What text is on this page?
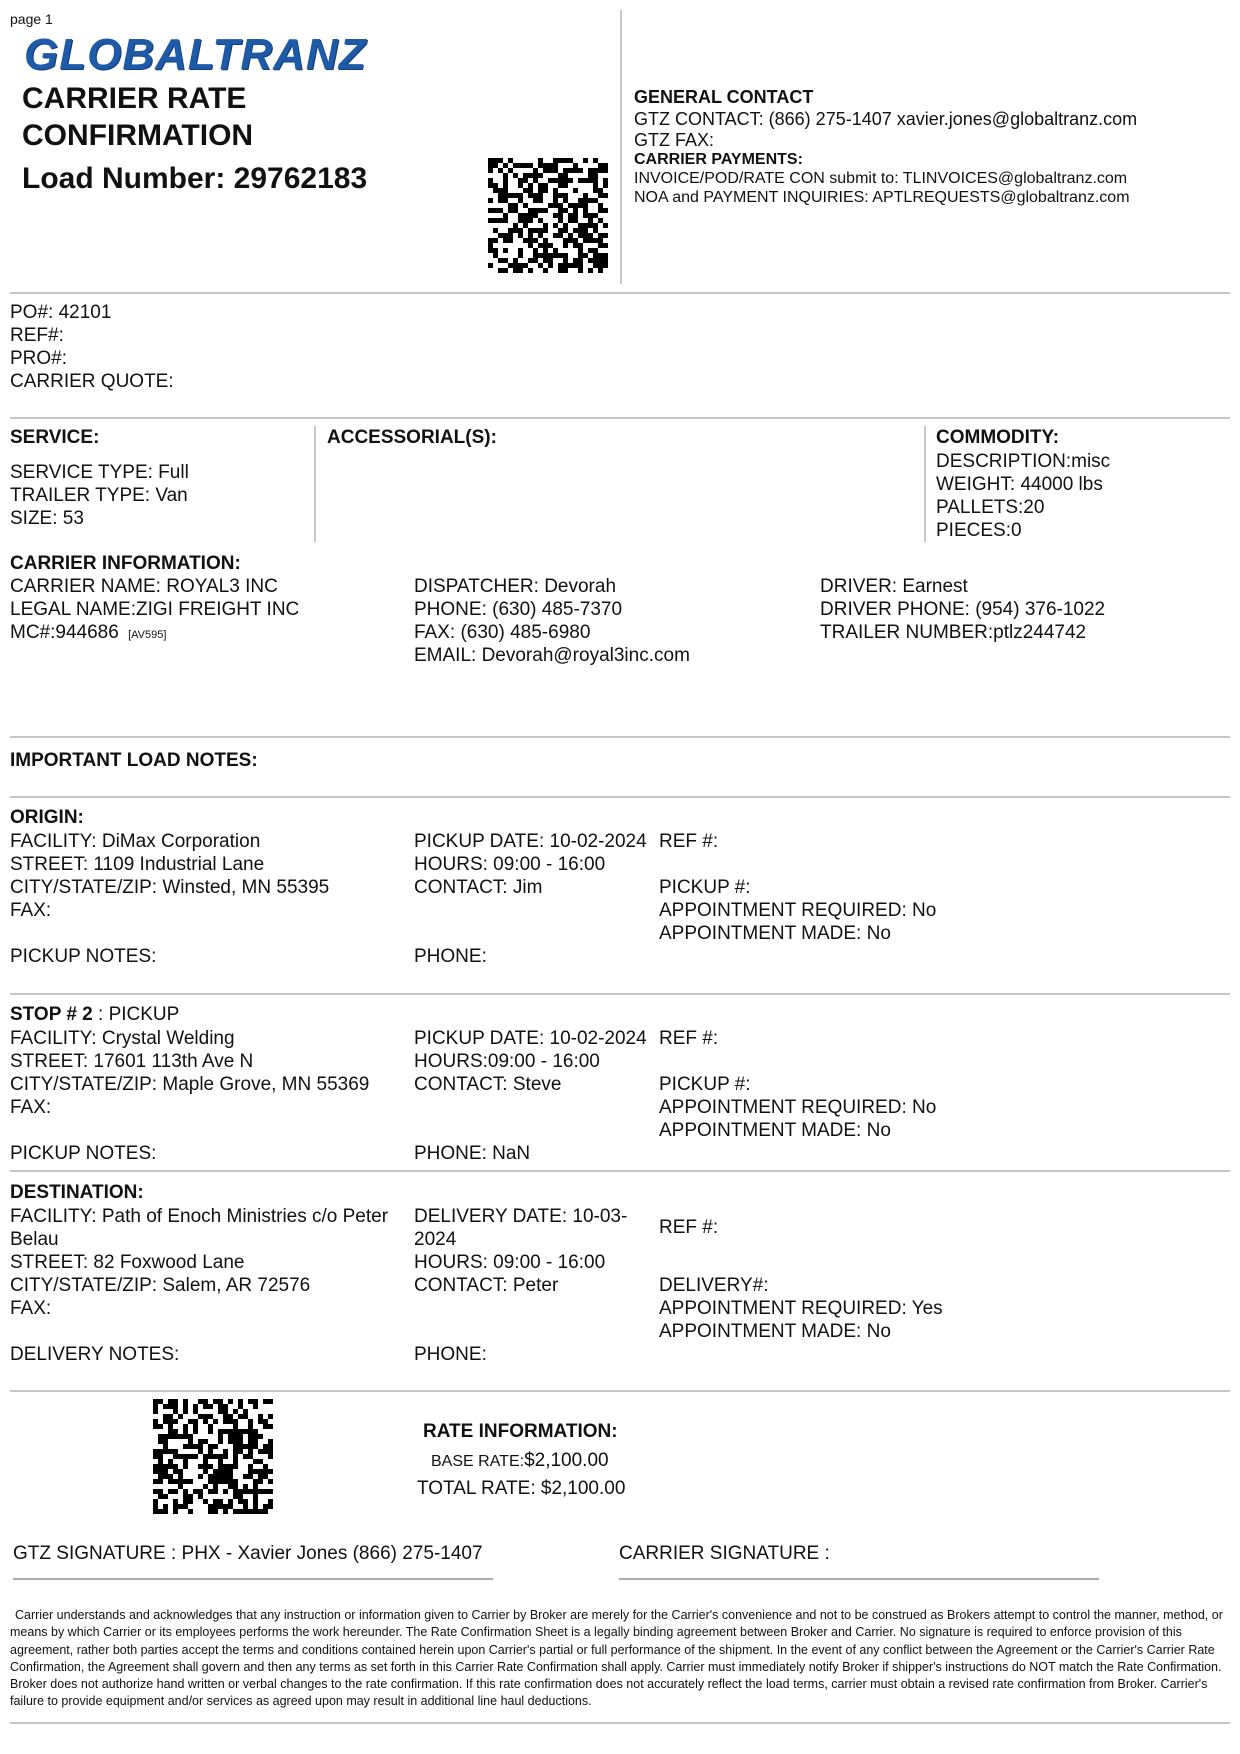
page 1
GLOBALTRANZ
CARRIER RATE
CONFIRMATION
Load Number: 29762183
GENERAL CONTACT
GTZ CONTACT: (866) 275-1407 xavier.jones@globaltranz.com
GTZ FAX:
CARRIER PAYMENTS:
INVOICE/POD/RATE CON submit to: TLINVOICES@globaltranz.com
NOA and PAYMENT INQUIRIES: APTLREQUESTS@globaltranz.com
PO#: 42101
REF#:
PRO#:
CARRIER QUOTE:
SERVICE:
SERVICE TYPE: Full
TRAILER TYPE: Van
SIZE: 53
ACCESSORIAL(S):	COMMODITY:
DESCRIPTION:misc
WEIGHT: 44000 lbs
PALLETS:20
PIECES:0
CARRIER INFORMATION:
CARRIER NAME: ROYAL3 INC
LEGAL NAME:ZIGI FREIGHT INC
MC#:944686 [AV595]
DISPATCHER: Devorah
PHONE: (630) 485-7370
FAX: (630) 485-6980
EMAIL: Devorah@royal3inc.com
DRIVER: Earnest
DRIVER PHONE: (954) 376-1022
TRAILER NUMBER:ptlz244742
IMPORTANT LOAD NOTES:
ORIGIN:
FACILITY: DiMax Corporation
STREET: 1109 Industrial Lane
CITY/STATE/ZIP: Winsted, MN 55395
FAX:
PICKUP NOTES:
PICKUP DATE: 10-02-2024
HOURS: 09:00 - 16:00
CONTACT: Jim
PHONE:
REF #:
PICKUP #:
APPOINTMENT REQUIRED: No
APPOINTMENT MADE: No
STOP # 2 : PICKUP
FACILITY: Crystal Welding
STREET: 17601 113th Ave N
CITY/STATE/ZIP: Maple Grove, MN 55369
FAX:
PICKUP NOTES:
PICKUP DATE: 10-02-2024
HOURS:09:00 - 16:00
CONTACT: Steve
PHONE: NaN
REF #:
PICKUP #:
APPOINTMENT REQUIRED: No
APPOINTMENT MADE: No
DESTINATION:
FACILITY: Path of Enoch Ministries c/o Peter
Belau
STREET: 82 Foxwood Lane
CITY/STATE/ZIP: Salem, AR 72576
FAX:
DELIVERY NOTES:
DELIVERY DATE: 10-03-
2024
HOURS: 09:00 - 16:00
CONTACT: Peter
PHONE:
REF #:
DELIVERY#:
APPOINTMENT REQUIRED: Yes
APPOINTMENT MADE: No
RATE INFORMATION:
BASE RATE:$2,100.00
TOTAL RATE: $2,100.00
GTZ SIGNATURE : PHX - Xavier Jones (866) 275-1407	CARRIER SIGNATURE :
Carrier understands and acknowledges that any instruction or information given to Carrier by Broker are merely for the Carrier's convenience and not to be construed as Brokers attempt to control the manner, method, or means by which Carrier or its employees performs the work hereunder. The Rate Confirmation Sheet is a legally binding agreement between Broker and Carrier. No signature is required to enforce provision of this agreement, rather both parties accept the terms and conditions contained herein upon Carrier's partial or full performance of the shipment. In the event of any conflict between the Agreement or the Carrier's Carrier Rate Confirmation, the Agreement shall govern and then any terms as set forth in this Carrier Rate Confirmation shall apply. Carrier must immediately notify Broker if shipper's instructions do NOT match the Rate Confirmation. Broker does not authorize hand written or verbal changes to the rate confirmation. If this rate confirmation does not accurately reflect the load terms, carrier must obtain a revised rate confirmation from Broker. Carrier's failure to provide equipment and/or services as agreed upon may result in additional line haul deductions.
